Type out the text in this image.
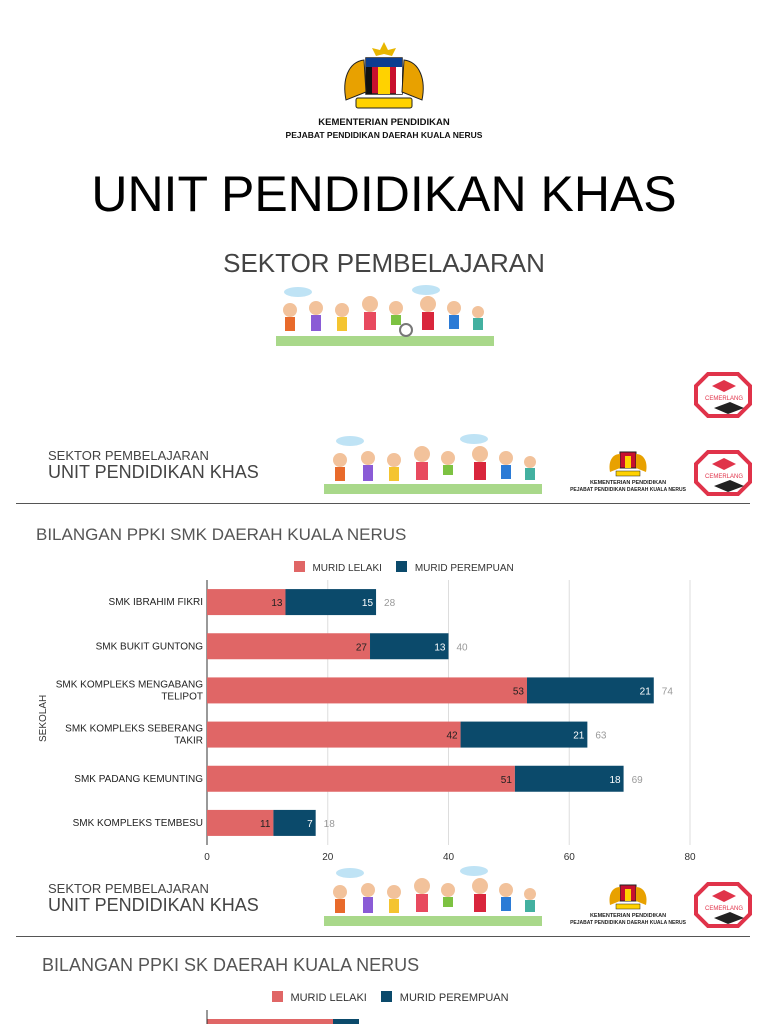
KEMENTERIAN PENDIDIKAN
PEJABAT PENDIDIKAN DAERAH KUALA NERUS
UNIT PENDIDIKAN KHAS
SEKTOR PEMBELAJARAN
CEMERLANG
SEKTOR PEMBELAJARAN
UNIT PENDIDIKAN KHAS
KEMENTERIAN PENDIDIKAN
PEJABAT PENDIDIKAN DAERAH KUALA NERUS
CEMERLANG
BILANGAN PPKI SMK DAERAH KUALA NERUS
MURID LELAKI	MURID PEREMPUAN
SEKOLAH
0	20	40	60	80
SMK IBRAHIM FIKRI	13	15 28
SMK BUKIT GUNTONG	27	13 40
SMK KOMPLEKS MENGABANG TELIPOT	53	21 74
SMK KOMPLEKS SEBERANG TAKIR	42	21 63
SMK PADANG KEMUNTING	51	18 69
SMK KOMPLEKS TEMBESU	11	7 18
SEKTOR PEMBELAJARAN
UNIT PENDIDIKAN KHAS
KEMENTERIAN PENDIDIKAN
PEJABAT PENDIDIKAN DAERAH KUALA NERUS
CEMERLANG
BILANGAN PPKI SK DAERAH KUALA NERUS
MURID LELAKI	MURID PEREMPUAN
